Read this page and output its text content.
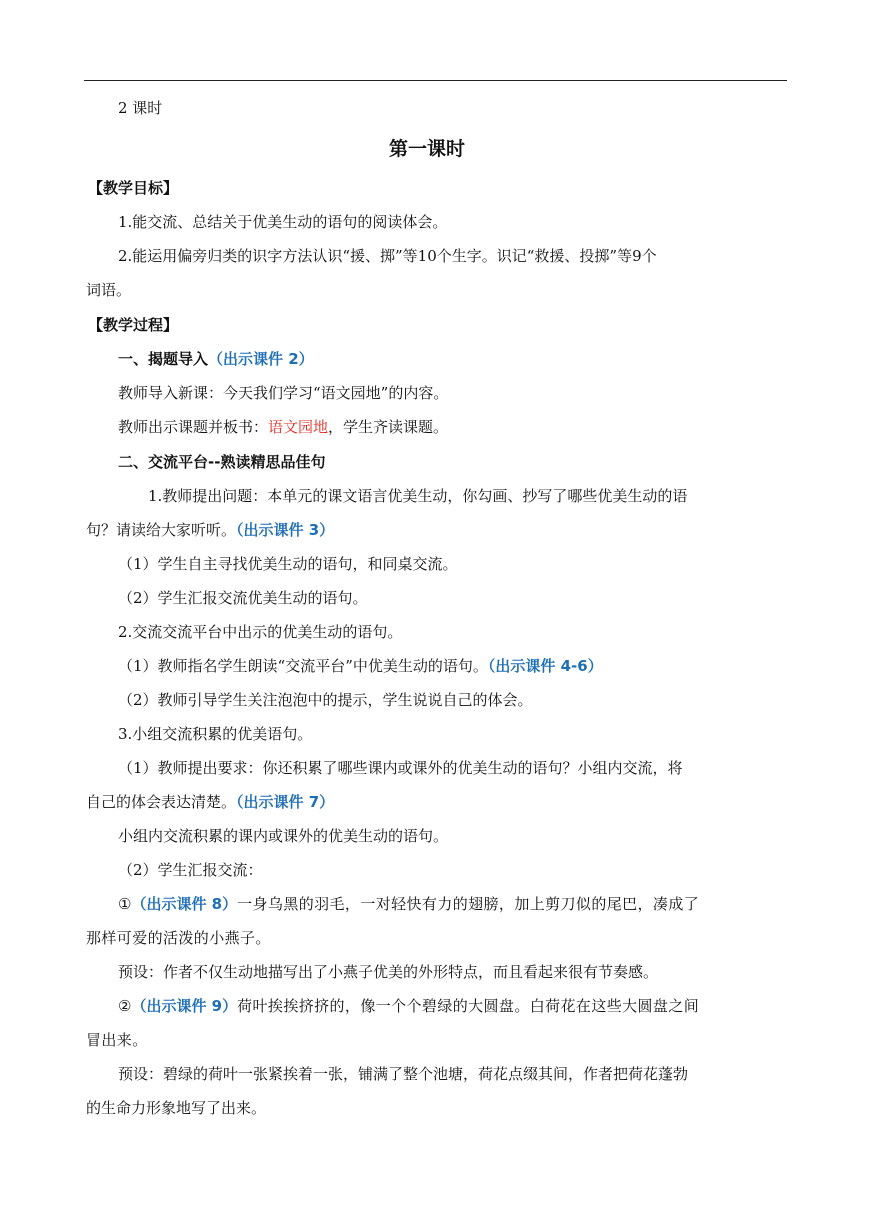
2 课时
第一课时
【教学目标】
1.能交流、总结关于优美生动的语句的阅读体会。
2.能运用偏旁归类的识字方法认识“援、掷”等10个生字。识记“救援、投掷”等9个
词语。
【教学过程】
一、揭题导入（出示课件 2）
教师导入新课：今天我们学习“语文园地”的内容。
教师出示课题并板书：语文园地，学生齐读课题。
二、交流平台--熟读精思品佳句
1.教师提出问题：本单元的课文语言优美生动，你勾画、抄写了哪些优美生动的语
句？请读给大家听听。（出示课件 3）
（1）学生自主寻找优美生动的语句，和同桌交流。
（2）学生汇报交流优美生动的语句。
2.交流交流平台中出示的优美生动的语句。
（1）教师指名学生朗读“交流平台”中优美生动的语句。（出示课件 4-6）
（2）教师引导学生关注泡泡中的提示，学生说说自己的体会。
3.小组交流积累的优美语句。
（1）教师提出要求：你还积累了哪些课内或课外的优美生动的语句？小组内交流，将
自己的体会表达清楚。（出示课件 7）
小组内交流积累的课内或课外的优美生动的语句。
（2）学生汇报交流：
①（出示课件 8）一身乌黑的羽毛，一对轻快有力的翅膀，加上剪刀似的尾巴，凑成了
那样可爱的活泼的小燕子。
预设：作者不仅生动地描写出了小燕子优美的外形特点，而且看起来很有节奏感。
②（出示课件 9）荷叶挨挨挤挤的，像一个个碧绿的大圆盘。白荷花在这些大圆盘之间
冒出来。
预设：碧绿的荷叶一张紧挨着一张，铺满了整个池塘，荷花点缀其间，作者把荷花蓬勃
的生命力形象地写了出来。
